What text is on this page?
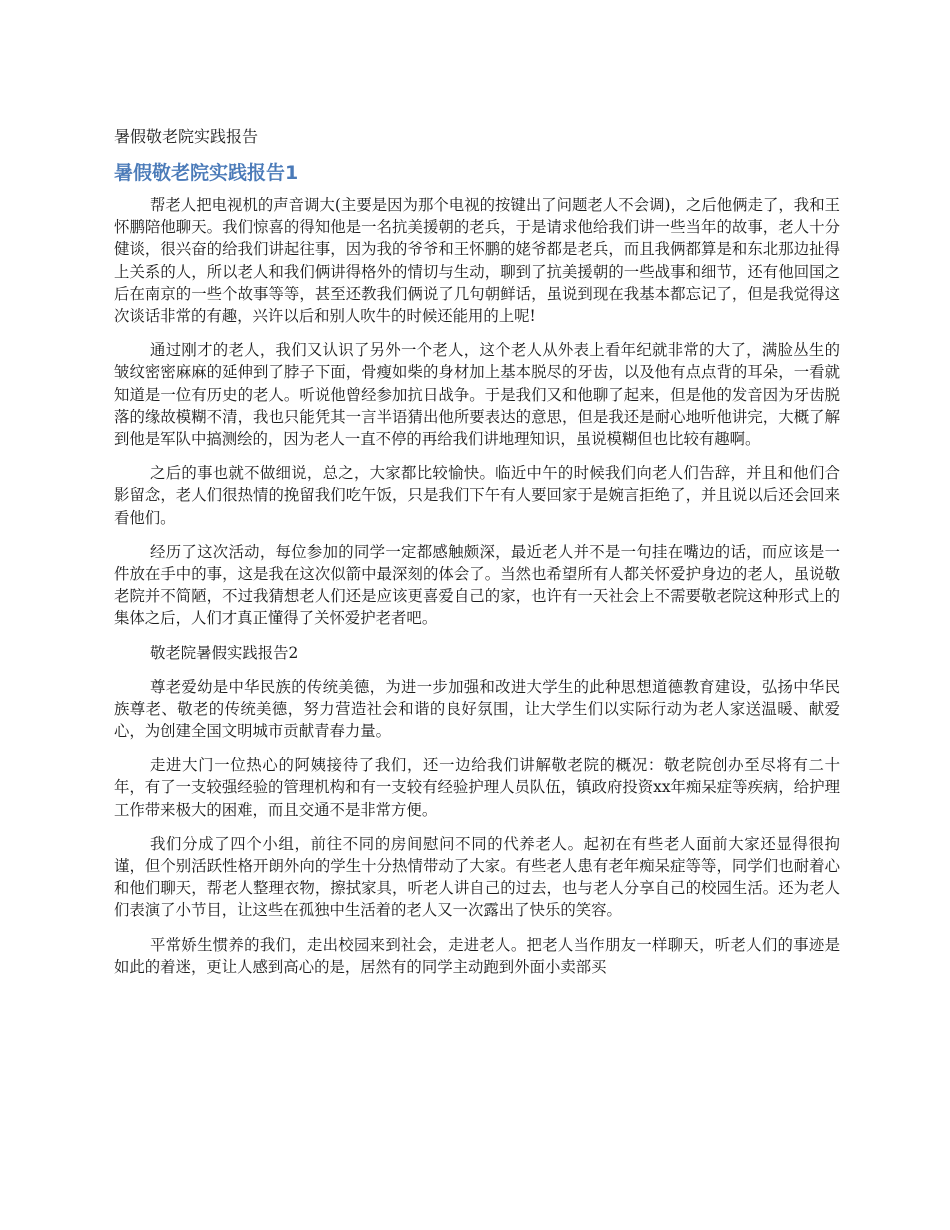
暑假敬老院实践报告
暑假敬老院实践报告1

帮老人把电视机的声音调大(主要是因为那个电视的按键出了问题老人不会调)，之后他俩走了，我和王怀鹏陪他聊天。我们惊喜的得知他是一名抗美援朝的老兵，于是请求他给我们讲一些当年的故事，老人十分健谈，很兴奋的给我们讲起往事，因为我的爷爷和王怀鹏的姥爷都是老兵，而且我俩都算是和东北那边扯得上关系的人，所以老人和我们俩讲得格外的情切与生动，聊到了抗美援朝的一些战事和细节，还有他回国之后在南京的一些个故事等等，甚至还教我们俩说了几句朝鲜话，虽说到现在我基本都忘记了，但是我觉得这次谈话非常的有趣，兴许以后和别人吹牛的时候还能用的上呢!

通过刚才的老人，我们又认识了另外一个老人，这个老人从外表上看年纪就非常的大了，满脸丛生的皱纹密密麻麻的延伸到了脖子下面，骨瘦如柴的身材加上基本脱尽的牙齿，以及他有点点背的耳朵，一看就知道是一位有历史的老人。听说他曾经参加抗日战争。于是我们又和他聊了起来，但是他的发音因为牙齿脱落的缘故模糊不清，我也只能凭其一言半语猜出他所要表达的意思，但是我还是耐心地听他讲完，大概了解到他是军队中搞测绘的，因为老人一直不停的再给我们讲地理知识，虽说模糊但也比较有趣啊。

之后的事也就不做细说，总之，大家都比较愉快。临近中午的时候我们向老人们告辞，并且和他们合影留念，老人们很热情的挽留我们吃午饭，只是我们下午有人要回家于是婉言拒绝了，并且说以后还会回来看他们。

经历了这次活动，每位参加的同学一定都感触颇深，最近老人并不是一句挂在嘴边的话，而应该是一件放在手中的事，这是我在这次似箭中最深刻的体会了。当然也希望所有人都关怀爱护身边的老人，虽说敬老院并不简陋，不过我猜想老人们还是应该更喜爱自己的家，也许有一天社会上不需要敬老院这种形式上的集体之后，人们才真正懂得了关怀爱护老者吧。

敬老院暑假实践报告2

尊老爱幼是中华民族的传统美德，为进一步加强和改进大学生的此种思想道德教育建设，弘扬中华民族尊老、敬老的传统美德，努力营造社会和谐的良好氛围，让大学生们以实际行动为老人家送温暖、献爱心，为创建全国文明城市贡献青春力量。

走进大门一位热心的阿姨接待了我们，还一边给我们讲解敬老院的概况：敬老院创办至尽将有二十年，有了一支较强经验的管理机构和有一支较有经验护理人员队伍，镇政府投资xx年痴呆症等疾病，给护理工作带来极大的困难，而且交通不是非常方便。

我们分成了四个小组，前往不同的房间慰问不同的代养老人。起初在有些老人面前大家还显得很拘谨，但个别活跃性格开朗外向的学生十分热情带动了大家。有些老人患有老年痴呆症等等，同学们也耐着心和他们聊天，帮老人整理衣物，擦拭家具，听老人讲自己的过去，也与老人分享自己的校园生活。还为老人们表演了小节目，让这些在孤独中生活着的老人又一次露出了快乐的笑容。

平常娇生惯养的我们，走出校园来到社会，走进老人。把老人当作朋友一样聊天，听老人们的事迹是如此的着迷，更让人感到高心的是，居然有的同学主动跑到外面小卖部买
